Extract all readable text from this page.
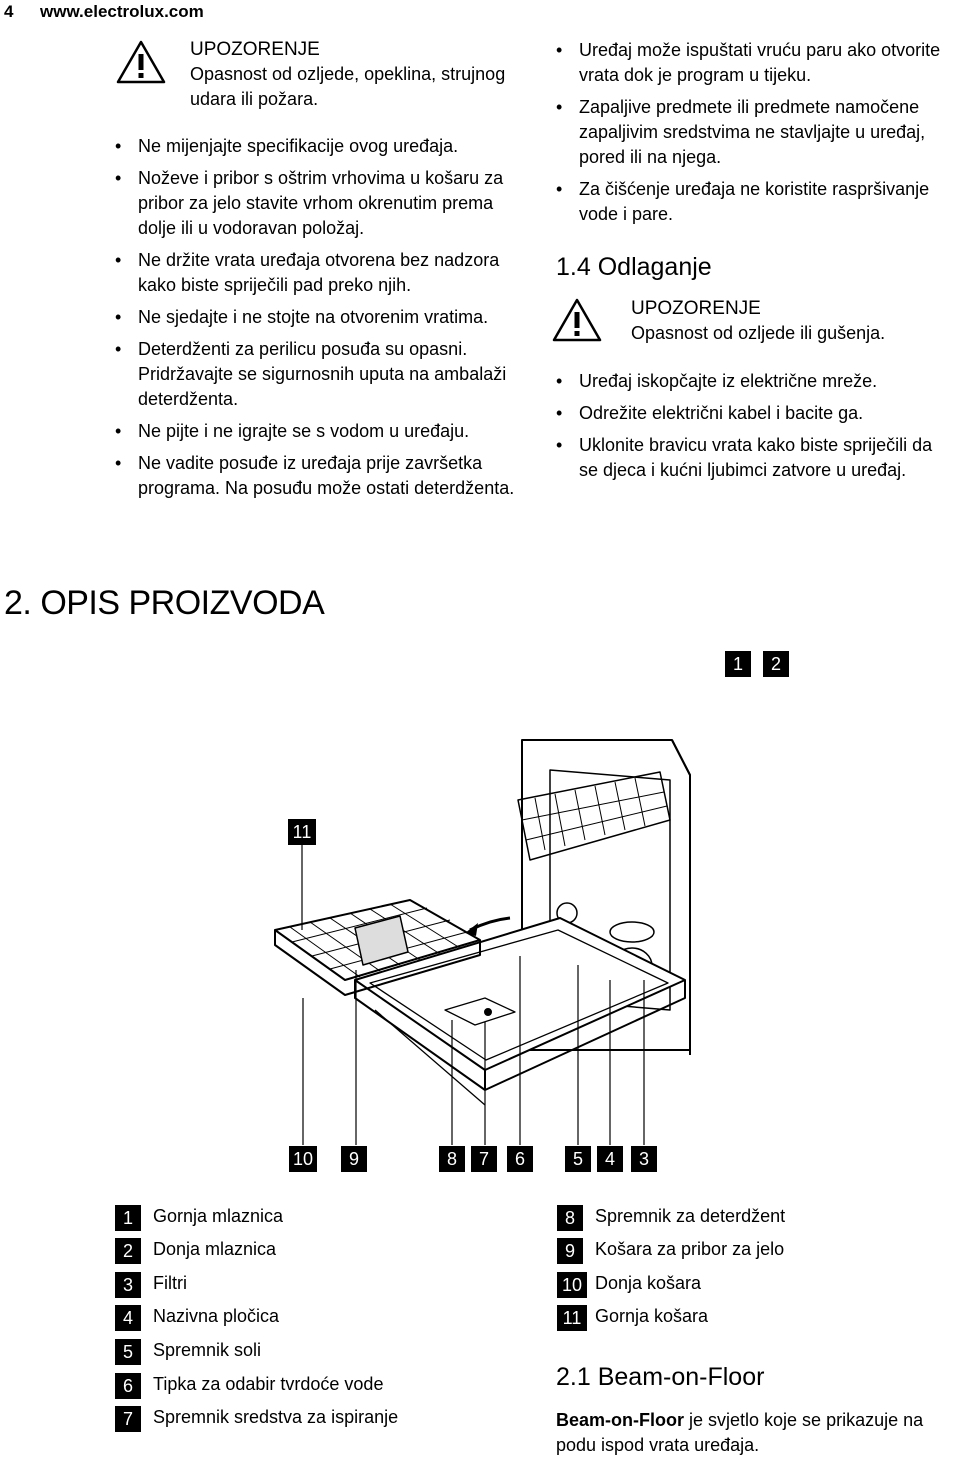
4 www.electrolux.com
UPOZORENJE
Opasnost od ozljede, opeklina, strujnog udara ili požara.
• Ne mijenjajte specifikacije ovog uređaja.
• Noževe i pribor s oštrim vrhovima u košaru za pribor za jelo stavite vrhom okrenutim prema dolje ili u vodoravan položaj.
• Ne držite vrata uređaja otvorena bez nadzora kako biste spriječili pad preko njih.
• Ne sjedajte i ne stojte na otvorenim vratima.
• Deterdženti za perilicu posuđa su opasni. Pridržavajte se sigurnosnih uputa na ambalaži deterdženta.
• Ne pijte i ne igrajte se s vodom u uređaju.
• Ne vadite posuđe iz uređaja prije završetka programa. Na posuđu može ostati deterdženta.
• Uređaj može ispuštati vruću paru ako otvorite vrata dok je program u tijeku.
• Zapaljive predmete ili predmete namočene zapaljivim sredstvima ne stavljajte u uređaj, pored ili na njega.
• Za čišćenje uređaja ne koristite raspršivanje vode i pare.
1.4 Odlaganje
UPOZORENJE
Opasnost od ozljede ili gušenja.
• Uređaj iskopčajte iz električne mreže.
• Odrežite električni kabel i bacite ga.
• Uklonite bravicu vrata kako biste spriječili da se djeca i kućni ljubimci zatvore u uređaj.
2. OPIS PROIZVODA
1	2
11
10	9	8	7	6	5	4	3
1	Gornja mlaznica
2	Donja mlaznica
3	Filtri
4	Nazivna pločica
5	Spremnik soli
6	Tipka za odabir tvrdoće vode
7	Spremnik sredstva za ispiranje
8	Spremnik za deterdžent
9	Košara za pribor za jelo
10 Donja košara
11 Gornja košara
2.1 Beam-on-Floor
Beam-on-Floor je svjetlo koje se prikazuje na podu ispod vrata uređaja.
